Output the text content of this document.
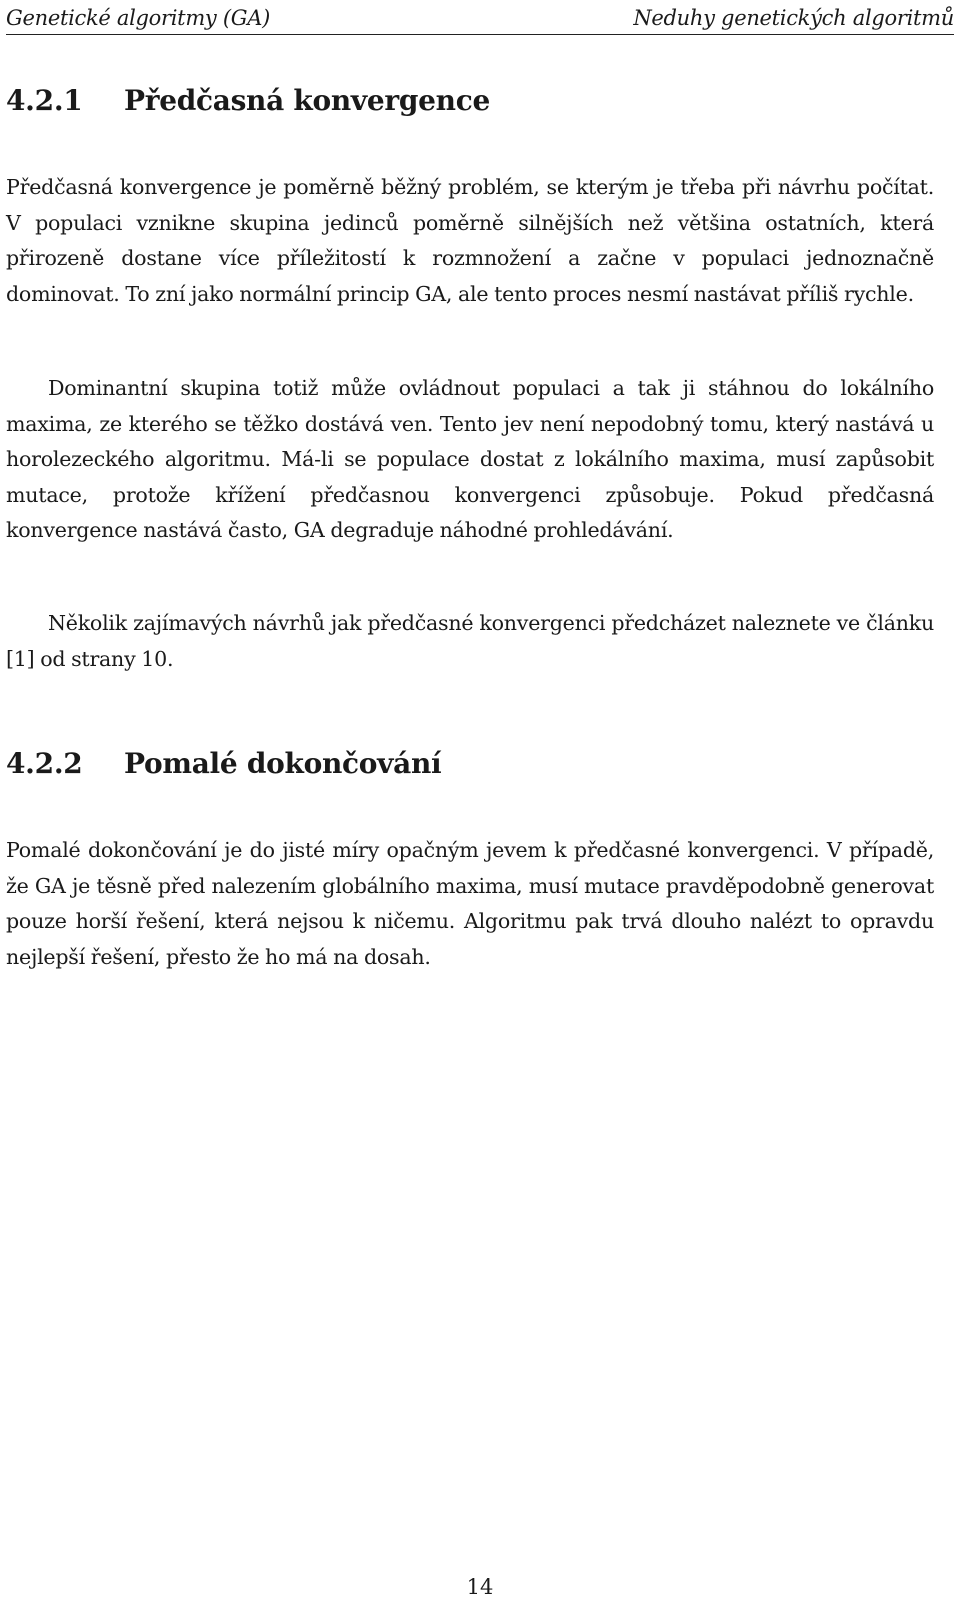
Genetické algoritmy (GA)	Neduhy genetických algoritmů
4.2.1 Předčasná konvergence

Předčasná konvergence je poměrně běžný problém, se kterým je třeba při návrhu počítat. V populaci vznikne skupina jedinců poměrně silnějších než většina ostatních, která přirozeně dostane více příležitostí k rozmnožení a začne v populaci jednoznačně dominovat. To zní jako normální princip GA, ale tento proces nesmí nastávat příliš rychle.

Dominantní skupina totiž může ovládnout populaci a tak ji stáhnou do lokálního maxima, ze kterého se těžko dostává ven. Tento jev není nepodobný tomu, který nastává u horolezeckého algoritmu. Má-li se populace dostat z lokálního maxima, musí zapůsobit mutace, protože křížení předčasnou konvergenci způsobuje. Pokud předčasná konvergence nastává často, GA degraduje náhodné prohledávání.

Několik zajímavých návrhů jak předčasné konvergenci předcházet naleznete ve článku [1] od strany 10.

4.2.2 Pomalé dokončování

Pomalé dokončování je do jisté míry opačným jevem k předčasné konvergenci. V případě, že GA je těsně před nalezením globálního maxima, musí mutace pravděpodobně generovat pouze horší řešení, která nejsou k ničemu. Algoritmu pak trvá dlouho nalézt to opravdu nejlepší řešení, přesto že ho má na dosah.

14
